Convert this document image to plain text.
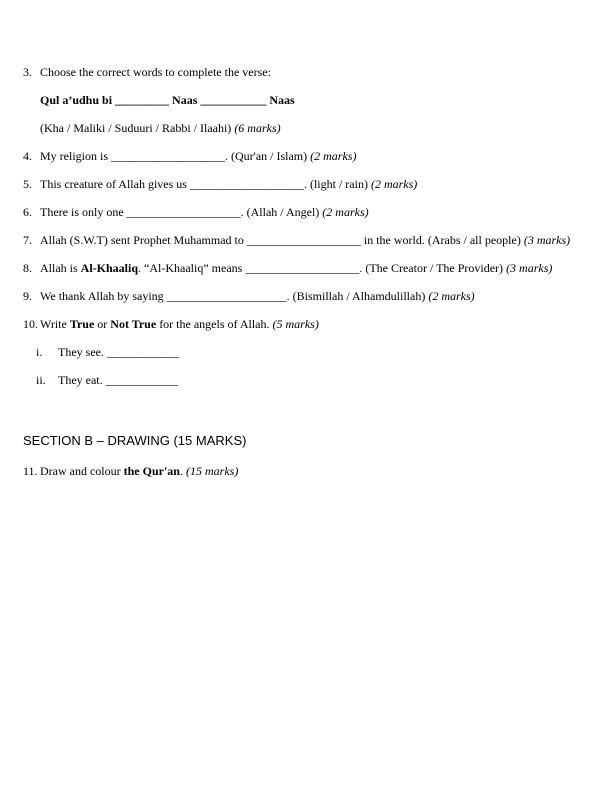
3. Choose the correct words to complete the verse:
Qul a’udhu bi _________ Naas ___________ Naas
(Kha / Maliki / Suduuri / Rabbi / Ilaahi) (6 marks)
4. My religion is ___________________. (Qur'an / Islam) (2 marks)
5. This creature of Allah gives us ___________________. (light / rain) (2 marks)
6. There is only one ___________________. (Allah / Angel) (2 marks)
7. Allah (S.W.T) sent Prophet Muhammad to ___________________ in the world. (Arabs / all people) (3 marks)
8. Allah is Al-Khaaliq. “Al-Khaaliq” means ___________________. (The Creator / The Provider) (3 marks)
9. We thank Allah by saying ____________________. (Bismillah / Alhamdulillah) (2 marks)
10. Write True or Not True for the angels of Allah. (5 marks)
i.	They see. ____________
ii.	They eat. ____________
SECTION B – DRAWING (15 MARKS)
11. Draw and colour the Qur'an. (15 marks)
